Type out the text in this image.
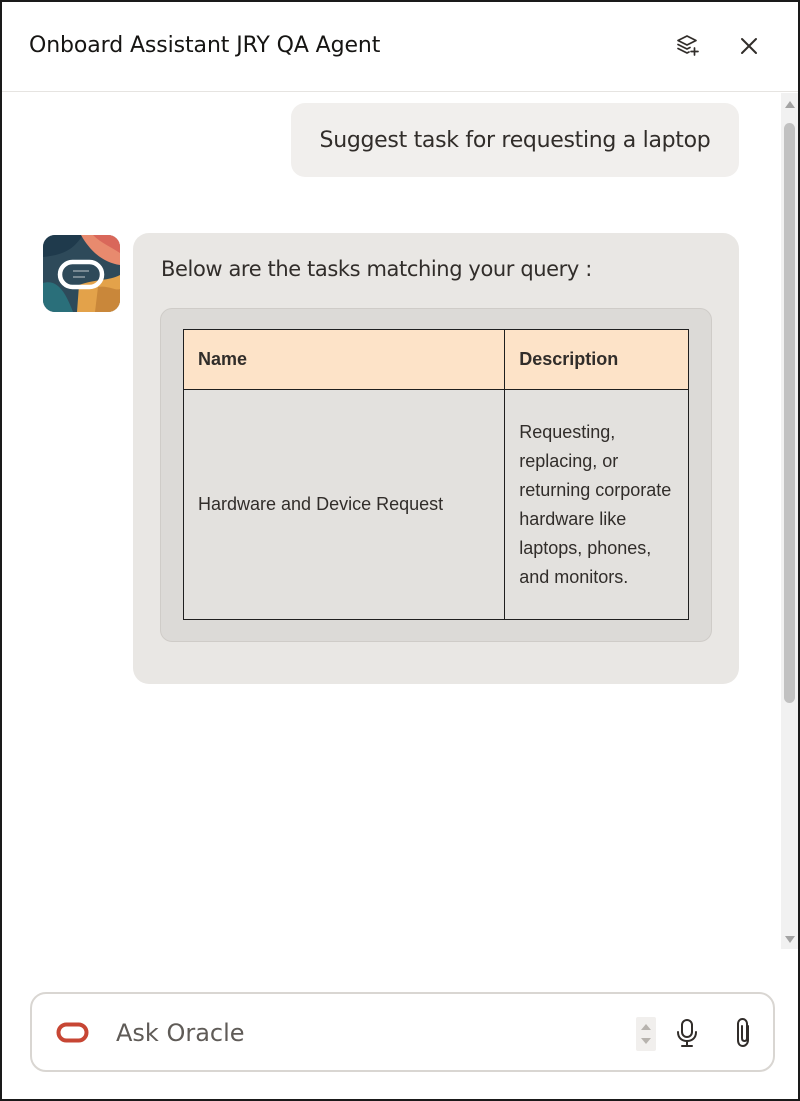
Onboard Assistant JRY QA Agent
Suggest task for requesting a laptop
Below are the tasks matching your query :
Name	Description
Hardware and Device Request	Requesting, replacing, or returning corporate hardware like laptops, phones, and monitors.
Ask Oracle
